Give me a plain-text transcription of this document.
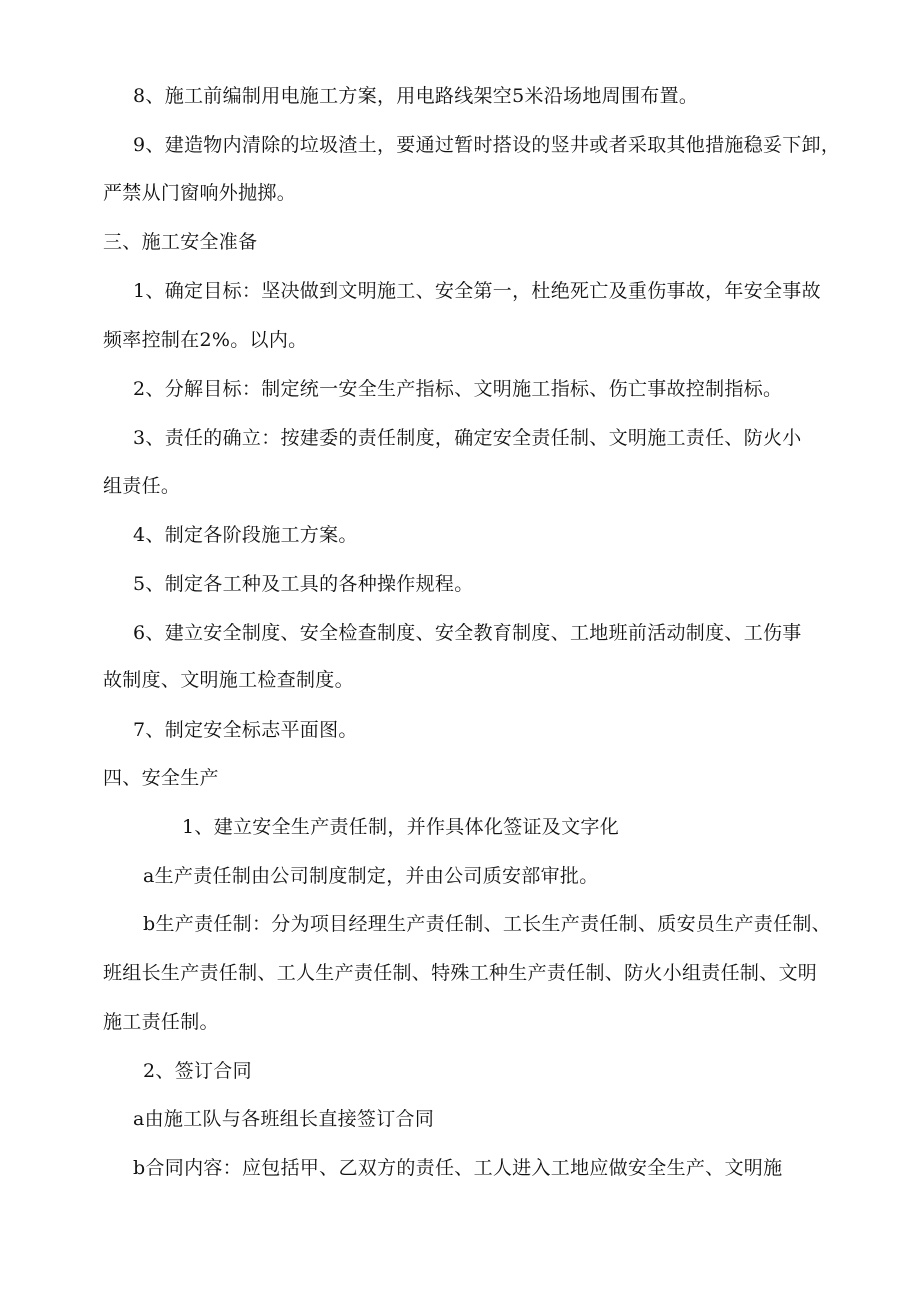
8、施工前编制用电施工方案，用电路线架空5米沿场地周围布置。
9、建造物内清除的垃圾渣土，要通过暂时搭设的竖井或者采取其他措施稳妥下卸，
严禁从门窗响外抛掷。
三、施工安全准备
1、确定目标：坚决做到文明施工、安全第一，杜绝死亡及重伤事故，年安全事故
频率控制在2%。以内。
2、分解目标：制定统一安全生产指标、文明施工指标、伤亡事故控制指标。
3、责任的确立：按建委的责任制度，确定安全责任制、文明施工责任、防火小
组责任。
4、制定各阶段施工方案。
5、制定各工种及工具的各种操作规程。
6、建立安全制度、安全检查制度、安全教育制度、工地班前活动制度、工伤事
故制度、文明施工检查制度。
7、制定安全标志平面图。
四、安全生产
1、建立安全生产责任制，并作具体化签证及文字化
a生产责任制由公司制度制定，并由公司质安部审批。
b生产责任制：分为项目经理生产责任制、工长生产责任制、质安员生产责任制、
班组长生产责任制、工人生产责任制、特殊工种生产责任制、防火小组责任制、文明
施工责任制。
2、签订合同
a由施工队与各班组长直接签订合同
b合同内容：应包括甲、乙双方的责任、工人进入工地应做安全生产、文明施
